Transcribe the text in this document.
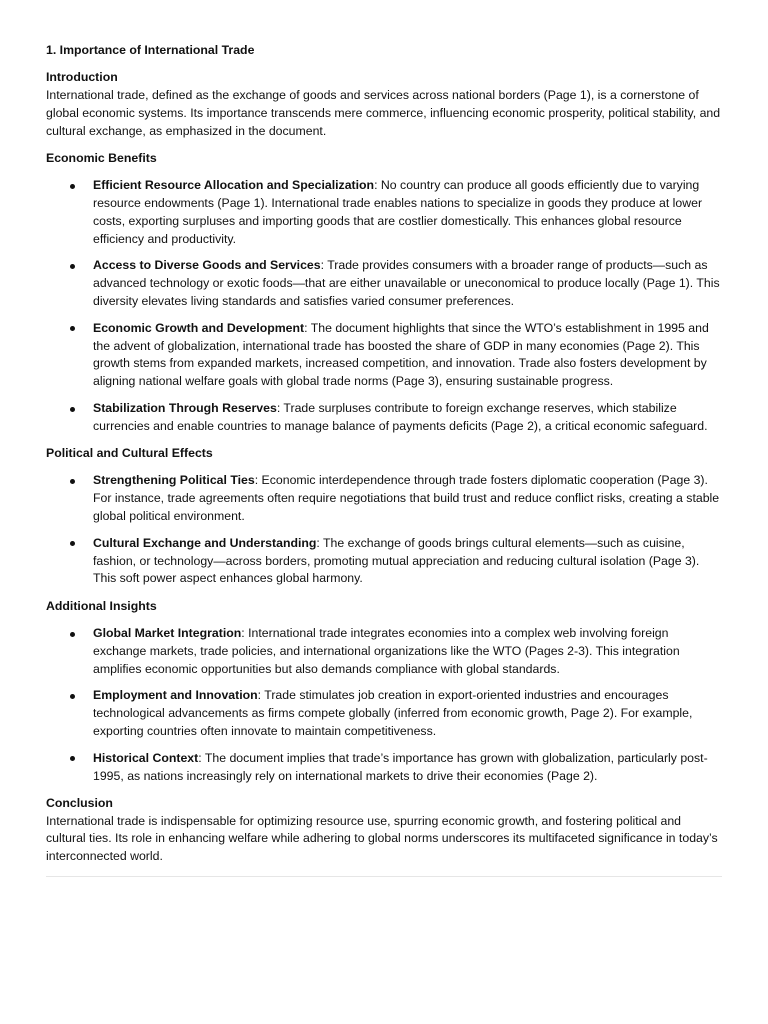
1. Importance of International Trade
Introduction
International trade, defined as the exchange of goods and services across national borders (Page 1), is a cornerstone of global economic systems. Its importance transcends mere commerce, influencing economic prosperity, political stability, and cultural exchange, as emphasized in the document.
Economic Benefits
Efficient Resource Allocation and Specialization: No country can produce all goods efficiently due to varying resource endowments (Page 1). International trade enables nations to specialize in goods they produce at lower costs, exporting surpluses and importing goods that are costlier domestically. This enhances global resource efficiency and productivity.
Access to Diverse Goods and Services: Trade provides consumers with a broader range of products—such as advanced technology or exotic foods—that are either unavailable or uneconomical to produce locally (Page 1). This diversity elevates living standards and satisfies varied consumer preferences.
Economic Growth and Development: The document highlights that since the WTO’s establishment in 1995 and the advent of globalization, international trade has boosted the share of GDP in many economies (Page 2). This growth stems from expanded markets, increased competition, and innovation. Trade also fosters development by aligning national welfare goals with global trade norms (Page 3), ensuring sustainable progress.
Stabilization Through Reserves: Trade surpluses contribute to foreign exchange reserves, which stabilize currencies and enable countries to manage balance of payments deficits (Page 2), a critical economic safeguard.
Political and Cultural Effects
Strengthening Political Ties: Economic interdependence through trade fosters diplomatic cooperation (Page 3). For instance, trade agreements often require negotiations that build trust and reduce conflict risks, creating a stable global political environment.
Cultural Exchange and Understanding: The exchange of goods brings cultural elements—such as cuisine, fashion, or technology—across borders, promoting mutual appreciation and reducing cultural isolation (Page 3). This soft power aspect enhances global harmony.
Additional Insights
Global Market Integration: International trade integrates economies into a complex web involving foreign exchange markets, trade policies, and international organizations like the WTO (Pages 2-3). This integration amplifies economic opportunities but also demands compliance with global standards.
Employment and Innovation: Trade stimulates job creation in export-oriented industries and encourages technological advancements as firms compete globally (inferred from economic growth, Page 2). For example, exporting countries often innovate to maintain competitiveness.
Historical Context: The document implies that trade’s importance has grown with globalization, particularly post-1995, as nations increasingly rely on international markets to drive their economies (Page 2).
Conclusion
International trade is indispensable for optimizing resource use, spurring economic growth, and fostering political and cultural ties. Its role in enhancing welfare while adhering to global norms underscores its multifaceted significance in today’s interconnected world.
